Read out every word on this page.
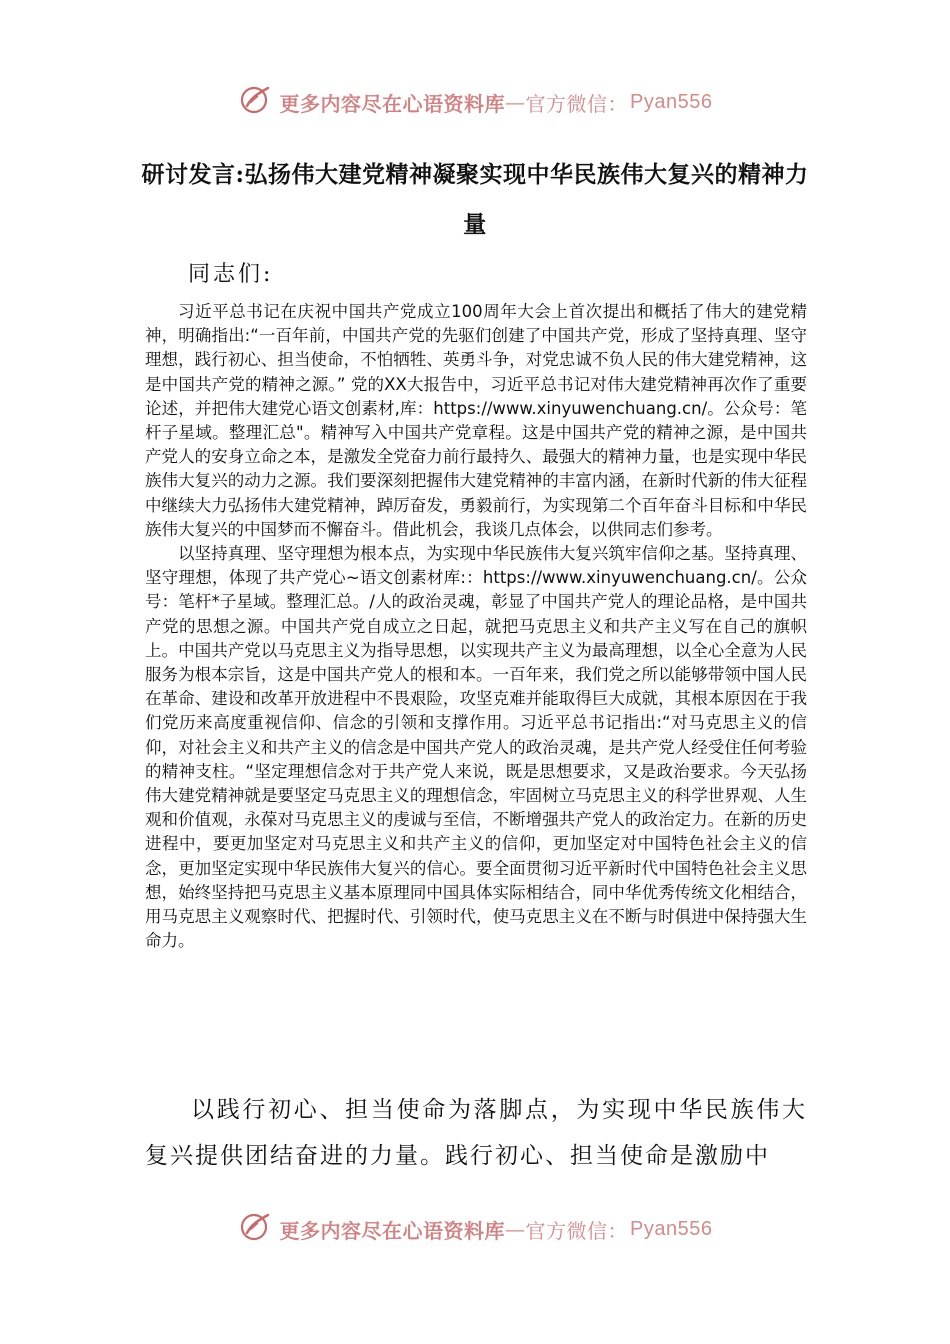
更多内容尽在心语资料库 — 官方微信： Pyan556
研讨发言:弘扬伟大建党精神凝聚实现中华民族伟大复兴的精神力量
同志们:

习近平总书记在庆祝中国共产党成立100周年大会上首次提出和概括了伟大的建党精神，明确指出:“一百年前，中国共产党的先驱们创建了中国共产党，形成了坚持真理、坚守理想，践行初心、担当使命，不怕牺牲、英勇斗争，对党忠诚不负人民的伟大建党精神，这是中国共产党的精神之源。” 党的XX大报告中，习近平总书记对伟大建党精神再次作了重要论述，并把伟大建党心语文创素材,库：https://www.xinyuwenchuang.cn/。公众号：笔杆子星域。整理汇总"。精神写入中国共产党章程。这是中国共产党的精神之源，是中国共产党人的安身立命之本，是激发全党奋力前行最持久、最强大的精神力量，也是实现中华民族伟大复兴的动力之源。我们要深刻把握伟大建党精神的丰富内涵，在新时代新的伟大征程中继续大力弘扬伟大建党精神，踔厉奋发，勇毅前行，为实现第二个百年奋斗目标和中华民族伟大复兴的中国梦而不懈奋斗。借此机会，我谈几点体会，以供同志们参考。

以坚持真理、坚守理想为根本点，为实现中华民族伟大复兴筑牢信仰之基。坚持真理、坚守理想，体现了共产党心~语文创素材库:：https://www.xinyuwenchuang.cn/。公众号：笔杆*子星域。整理汇总。/人的政治灵魂，彰显了中国共产党人的理论品格，是中国共产党的思想之源。中国共产党自成立之日起，就把马克思主义和共产主义写在自己的旗帜上。中国共产党以马克思主义为指导思想，以实现共产主义为最高理想，以全心全意为人民服务为根本宗旨，这是中国共产党人的根和本。一百年来，我们党之所以能够带领中国人民在革命、建设和改革开放进程中不畏艰险，攻坚克难并能取得巨大成就，其根本原因在于我们党历来高度重视信仰、信念的引领和支撑作用。习近平总书记指出:“对马克思主义的信仰，对社会主义和共产主义的信念是中国共产党人的政治灵魂，是共产党人经受住任何考验的精神支柱。“坚定理想信念对于共产党人来说，既是思想要求，又是政治要求。今天弘扬伟大建党精神就是要坚定马克思主义的理想信念，牢固树立马克思主义的科学世界观、人生观和价值观，永葆对马克思主义的虔诚与至信，不断增强共产党人的政治定力。在新的历史进程中，要更加坚定对马克思主义和共产主义的信仰，更加坚定对中国特色社会主义的信念，更加坚定实现中华民族伟大复兴的信心。要全面贯彻习近平新时代中国特色社会主义思想，始终坚持把马克思主义基本原理同中国具体实际相结合，同中华优秀传统文化相结合，用马克思主义观察时代、把握时代、引领时代，使马克思主义在不断与时俱进中保持强大生命力。

以践行初心、担当使命为落脚点，为实现中华民族伟大复兴提供团结奋进的力量。践行初心、担当使命是激励中

更多内容尽在心语资料库 — 官方微信： Pyan556
